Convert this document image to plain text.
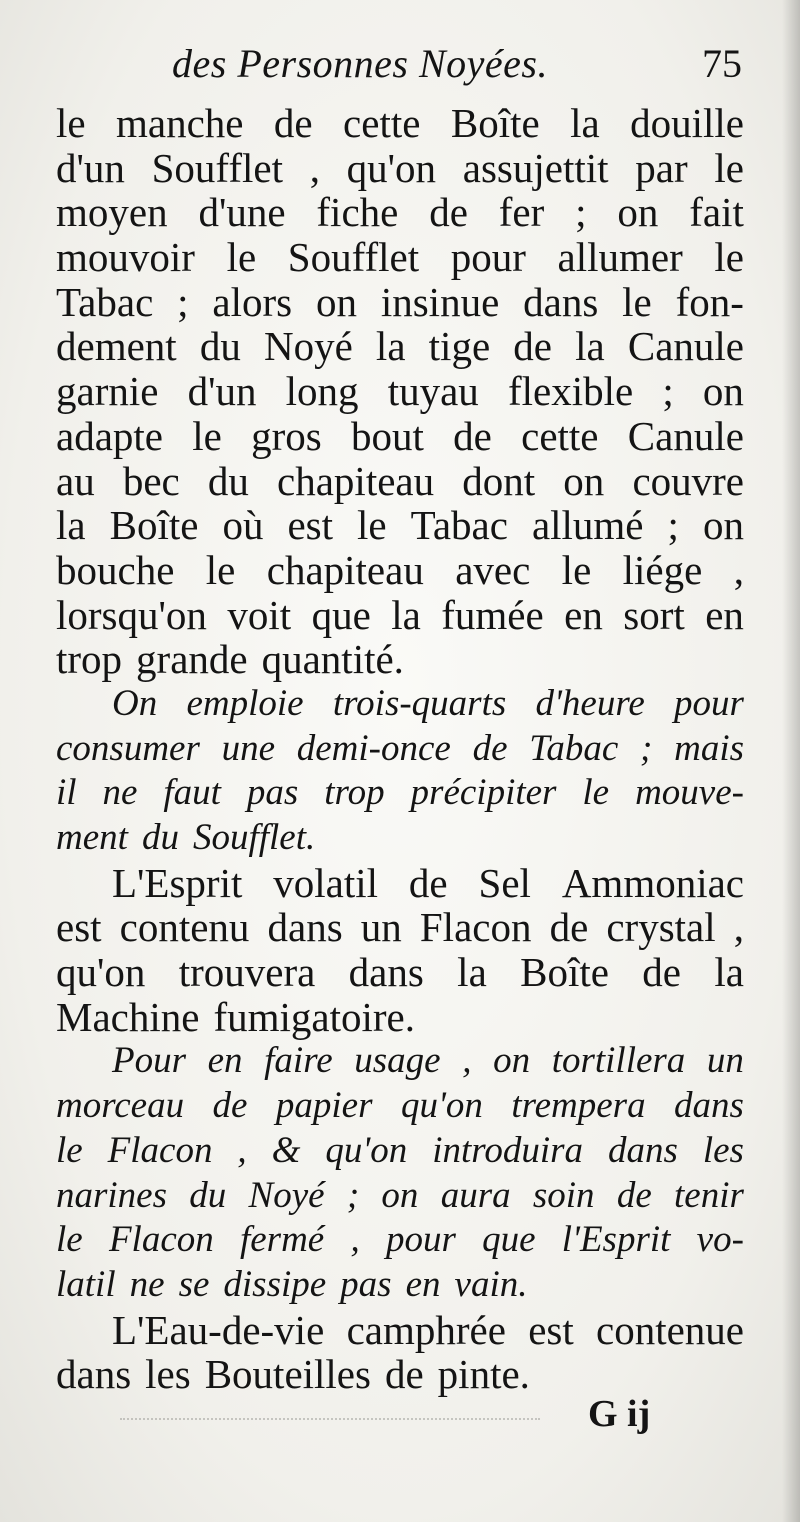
des Personnes Noyées.	75
le manche de cette Boîte la douille
d'un Soufflet , qu'on assujettit par le
moyen d'une fiche de fer ; on fait
mouvoir le Soufflet pour allumer le
Tabac ; alors on insinue dans le fon-
dement du Noyé la tige de la Canule
garnie d'un long tuyau flexible ; on
adapte le gros bout de cette Canule
au bec du chapiteau dont on couvre
la Boîte où est le Tabac allumé ; on
bouche le chapiteau avec le liége ,
lorsqu'on voit que la fumée en sort en
trop grande quantité.
On emploie trois-quarts d'heure pour
consumer une demi-once de Tabac ; mais
il ne faut pas trop précipiter le mouve-
ment du Soufflet.
L'Esprit volatil de Sel Ammoniac
est contenu dans un Flacon de crystal ,
qu'on trouvera dans la Boîte de la
Machine fumigatoire.
Pour en faire usage , on tortillera un
morceau de papier qu'on trempera dans
le Flacon , & qu'on introduira dans les
narines du Noyé ; on aura soin de tenir
le Flacon fermé , pour que l'Esprit vo-
latil ne se dissipe pas en vain.
L'Eau-de-vie camphrée est contenue
dans les Bouteilles de pinte.
G ij
